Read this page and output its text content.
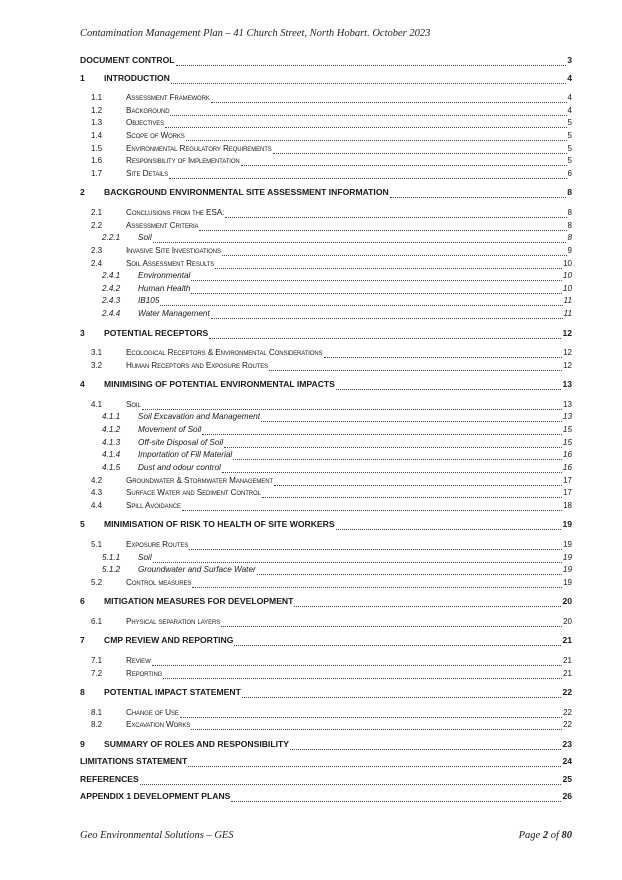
Contamination Management Plan – 41 Church Street, North Hobart. October 2023
DOCUMENT CONTROL	3
1	INTRODUCTION	4
1.1	Assessment Framework	4
1.2	Background	4
1.3	Objectives	5
1.4	Scope of Works	5
1.5	Environmental Regulatory Requirements	5
1.6	Responsibility of Implementation	5
1.7	Site Details	6
2	BACKGROUND ENVIRONMENTAL SITE ASSESSMENT INFORMATION	8
2.1	Conclusions from the ESA:	8
2.2	Assessment Criteria	8
2.2.1	Soil	8
2.3	Invasive Site Investigations	9
2.4	Soil Assessment Results	10
2.4.1	Environmental	10
2.4.2	Human Health	10
2.4.3	IB105	11
2.4.4	Water Management	11
3	POTENTIAL RECEPTORS	12
3.1	Ecological Receptors & Environmental Considerations	12
3.2	Human Receptors and Exposure Routes	12
4	MINIMISING OF POTENTIAL ENVIRONMENTAL IMPACTS	13
4.1	Soil	13
4.1.1	Soil Excavation and Management	13
4.1.2	Movement of Soil	15
4.1.3	Off-site Disposal of Soil	15
4.1.4	Importation of Fill Material	16
4.1.5	Dust and odour control	16
4.2	Groundwater & Stormwater Management	17
4.3	Surface Water and Sediment Control	17
4.4	Spill Avoidance	18
5	MINIMISATION OF RISK TO HEALTH OF SITE WORKERS	19
5.1	Exposure Routes	19
5.1.1	Soil	19
5.1.2	Groundwater and Surface Water	19
5.2	Control measures	19
6	MITIGATION MEASURES FOR DEVELOPMENT	20
6.1	Physical separation layers	20
7	CMP REVIEW AND REPORTING	21
7.1	Review	21
7.2	Reporting	21
8	POTENTIAL IMPACT STATEMENT	22
8.1	Change of Use	22
8.2	Excavation Works	22
9	SUMMARY OF ROLES AND RESPONSIBILITY	23
LIMITATIONS STATEMENT	24
REFERENCES	25
APPENDIX 1 DEVELOPMENT PLANS	26
Geo Environmental Solutions – GES	Page 2 of 80
